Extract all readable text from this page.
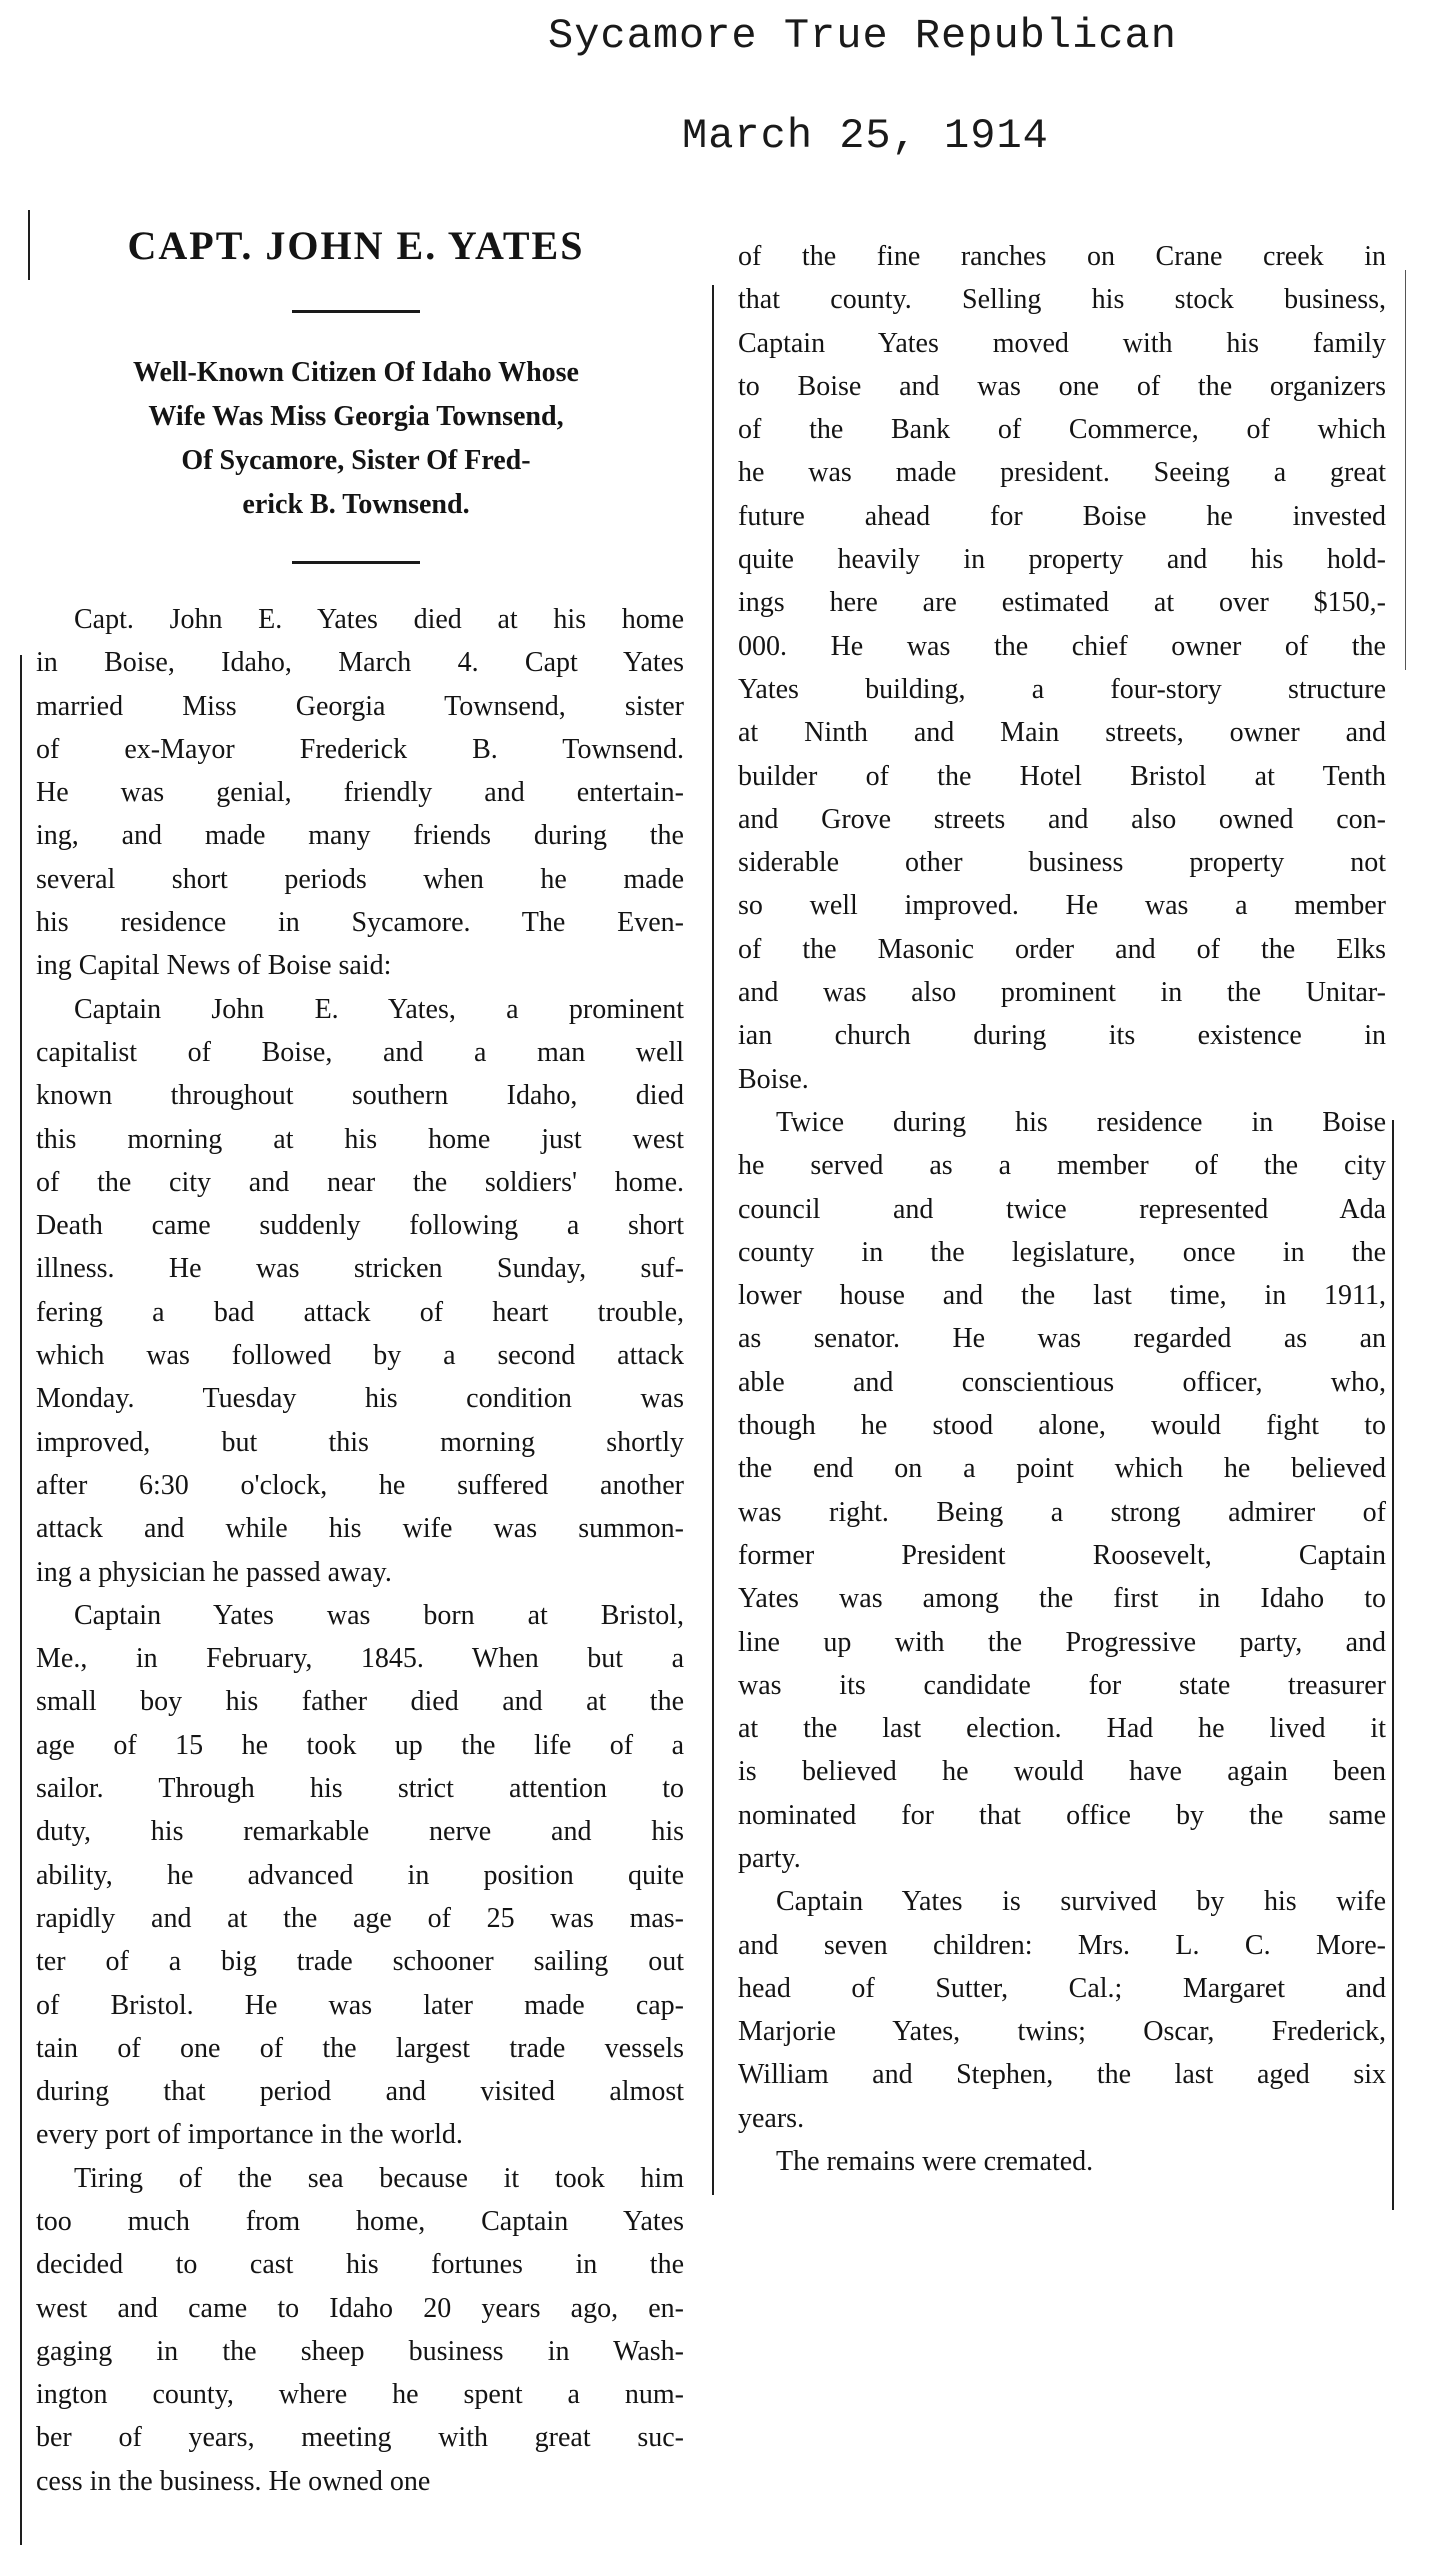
Sycamore True Republican
March 25, 1914
CAPT. JOHN E. YATES
Well-Known Citizen Of Idaho Whose
Wife Was Miss Georgia Townsend,
Of Sycamore, Sister Of Fred-
erick B. Townsend.

Capt. John E. Yates died at his home
in Boise, Idaho, March 4. Capt Yates
married Miss Georgia Townsend, sister
of ex-Mayor Frederick B. Townsend.
He was genial, friendly and entertain-
ing, and made many friends during the
several short periods when he made
his residence in Sycamore. The Even-
ing Capital News of Boise said:

Captain John E. Yates, a prominent
capitalist of Boise, and a man well
known throughout southern Idaho, died
this morning at his home just west
of the city and near the soldiers' home.
Death came suddenly following a short
illness. He was stricken Sunday, suf-
fering a bad attack of heart trouble,
which was followed by a second attack
Monday. Tuesday his condition was
improved, but this morning shortly
after 6:30 o'clock, he suffered another
attack and while his wife was summon-
ing a physician he passed away.

Captain Yates was born at Bristol,
Me., in February, 1845. When but a
small boy his father died and at the
age of 15 he took up the life of a
sailor. Through his strict attention to
duty, his remarkable nerve and his
ability, he advanced in position quite
rapidly and at the age of 25 was mas-
ter of a big trade schooner sailing out
of Bristol. He was later made cap-
tain of one of the largest trade vessels
during that period and visited almost
every port of importance in the world.

Tiring of the sea because it took him
too much from home, Captain Yates
decided to cast his fortunes in the
west and came to Idaho 20 years ago, en-
gaging in the sheep business in Wash-
ington county, where he spent a num-
ber of years, meeting with great suc-
cess in the business. He owned one

of the fine ranches on Crane creek in
that county. Selling his stock business,
Captain Yates moved with his family
to Boise and was one of the organizers
of the Bank of Commerce, of which
he was made president. Seeing a great
future ahead for Boise he invested
quite heavily in property and his hold-
ings here are estimated at over $150,-
000. He was the chief owner of the
Yates building, a four-story structure
at Ninth and Main streets, owner and
builder of the Hotel Bristol at Tenth
and Grove streets and also owned con-
siderable other business property not
so well improved. He was a member
of the Masonic order and of the Elks
and was also prominent in the Unitar-
ian church during its existence in
Boise.

Twice during his residence in Boise
he served as a member of the city
council and twice represented Ada
county in the legislature, once in the
lower house and the last time, in 1911,
as senator. He was regarded as an
able and conscientious officer, who,
though he stood alone, would fight to
the end on a point which he believed
was right. Being a strong admirer of
former President Roosevelt, Captain
Yates was among the first in Idaho to
line up with the Progressive party, and
was its candidate for state treasurer
at the last election. Had he lived it
is believed he would have again been
nominated for that office by the same
party.

Captain Yates is survived by his wife
and seven children: Mrs. L. C. More-
head of Sutter, Cal.; Margaret and
Marjorie Yates, twins; Oscar, Frederick,
William and Stephen, the last aged six
years.

The remains were cremated.
